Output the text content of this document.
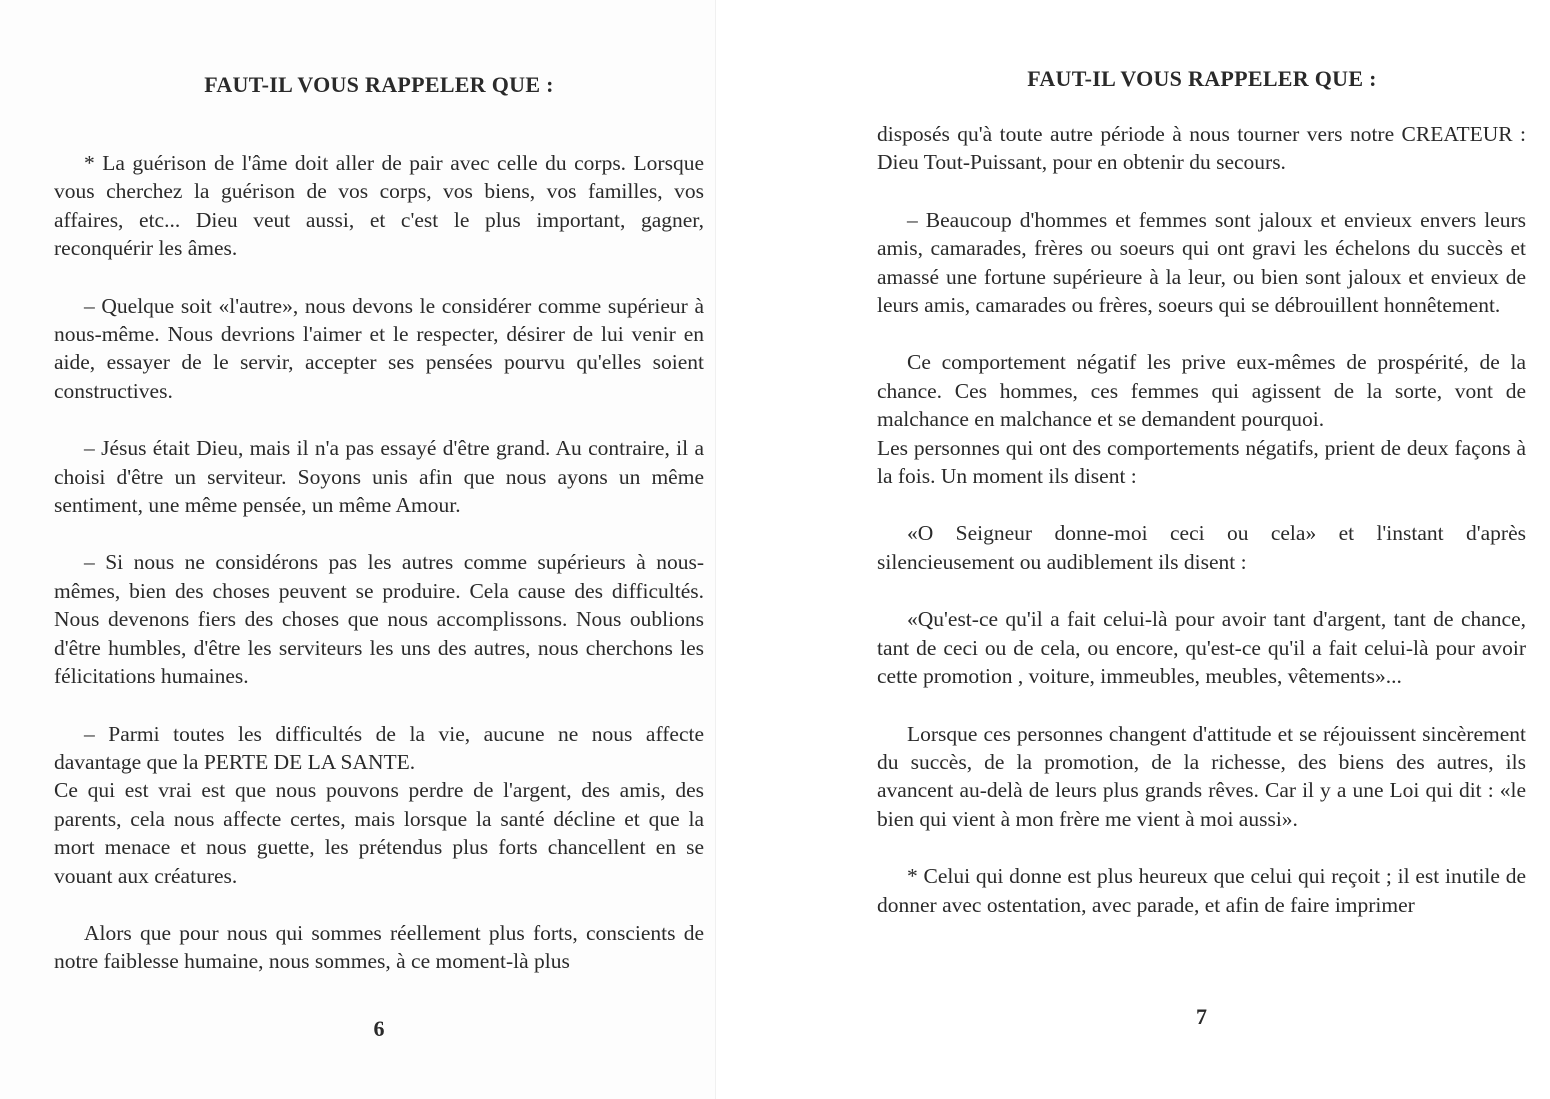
FAUT-IL VOUS RAPPELER QUE :

* La guérison de l'âme doit aller de pair avec celle du corps. Lorsque vous cherchez la guérison de vos corps, vos biens, vos familles, vos affaires, etc... Dieu veut aussi, et c'est le plus important, gagner, reconquérir les âmes.

– Quelque soit «l'autre», nous devons le considérer comme supérieur à nous-même. Nous devrions l'aimer et le respecter, désirer de lui venir en aide, essayer de le servir, accepter ses pensées pourvu qu'elles soient constructives.

– Jésus était Dieu, mais il n'a pas essayé d'être grand. Au contraire, il a choisi d'être un serviteur. Soyons unis afin que nous ayons un même sentiment, une même pensée, un même Amour.

– Si nous ne considérons pas les autres comme supérieurs à nous-mêmes, bien des choses peuvent se produire. Cela cause des difficultés. Nous devenons fiers des choses que nous accomplissons. Nous oublions d'être humbles, d'être les serviteurs les uns des autres, nous cherchons les félicitations humaines.

– Parmi toutes les difficultés de la vie, aucune ne nous affecte davantage que la PERTE DE LA SANTE.

Ce qui est vrai est que nous pouvons perdre de l'argent, des amis, des parents, cela nous affecte certes, mais lorsque la santé décline et que la mort menace et nous guette, les prétendus plus forts chancellent en se vouant aux créatures.

Alors que pour nous qui sommes réellement plus forts, conscients de notre faiblesse humaine, nous sommes, à ce moment-là plus

6
FAUT-IL VOUS RAPPELER QUE :

disposés qu'à toute autre période à nous tourner vers notre CREATEUR : Dieu Tout-Puissant, pour en obtenir du secours.

– Beaucoup d'hommes et femmes sont jaloux et envieux envers leurs amis, camarades, frères ou soeurs qui ont gravi les échelons du succès et amassé une fortune supérieure à la leur, ou bien sont jaloux et envieux de leurs amis, camarades ou frères, soeurs qui se débrouillent honnêtement.

Ce comportement négatif les prive eux-mêmes de prospérité, de la chance. Ces hommes, ces femmes qui agissent de la sorte, vont de malchance en malchance et se demandent pourquoi.

Les personnes qui ont des comportements négatifs, prient de deux façons à la fois. Un moment ils disent :

«O Seigneur donne-moi ceci ou cela» et l'instant d'après silencieusement ou audiblement ils disent :

«Qu'est-ce qu'il a fait celui-là pour avoir tant d'argent, tant de chance, tant de ceci ou de cela, ou encore, qu'est-ce qu'il a fait celui-là pour avoir cette promotion , voiture, immeubles, meubles, vêtements»...

Lorsque ces personnes changent d'attitude et se réjouissent sincèrement du succès, de la promotion, de la richesse, des biens des autres, ils avancent au-delà de leurs plus grands rêves. Car il y a une Loi qui dit : «le bien qui vient à mon frère me vient à moi aussi».

* Celui qui donne est plus heureux que celui qui reçoit ; il est inutile de donner avec ostentation, avec parade, et afin de faire imprimer

7
